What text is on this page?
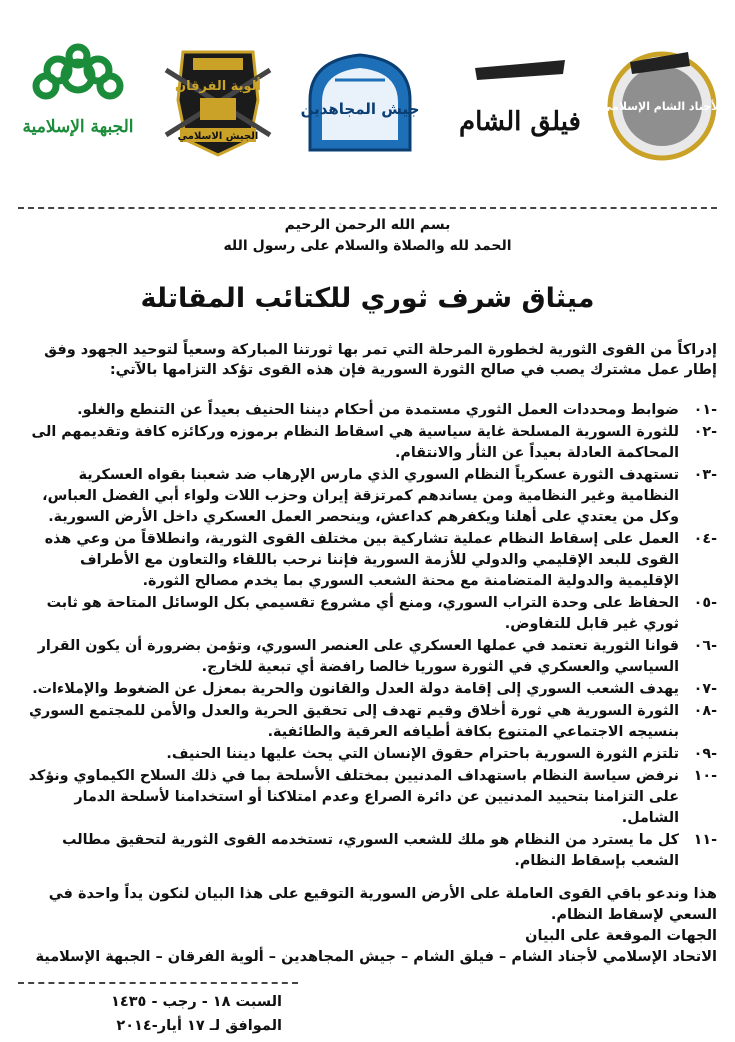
الجبهة الإسلامية
ألوية الفرقان
الجيش الاسلامي
جيش المجاهدين فيلق الشام
الأجناد الشام الإسلامي
بسم الله الرحمن الرحيم
الحمد لله والصلاة والسلام على رسول الله
ميثاق شرف ثوري للكتائب المقاتلة
إدراكاً من القوى الثورية لخطورة المرحلة التي تمر بها ثورتنا المباركة وسعياً لتوحيد الجهود وفق إطار عمل مشترك يصب في صالح الثورة السورية فإن هذه القوى تؤكد التزامها بالآتي:
٠١-
ضوابط ومحددات العمل الثوري مستمدة من أحكام ديننا الحنيف بعيداً عن التنطع والغلو.
٠٢-
للثورة السورية المسلحة غاية سياسية هي اسقاط النظام برموزه وركائزه كافة وتقديمهم الى المحاكمة العادلة بعيداً عن الثأر والانتقام.
٠٣-
تستهدف الثورة عسكرياً النظام السوري الذي مارس الإرهاب ضد شعبنا بقواه العسكرية النظامية وغير النظامية ومن يساندهم كمرتزقة إيران وحزب اللات ولواء أبي الفضل العباس، وكل من يعتدي على أهلنا ويكفرهم كداعش، وينحصر العمل العسكري داخل الأرض السورية.
٠٤-
العمل على إسقاط النظام عملية تشاركية بين مختلف القوى الثورية، وانطلاقاً من وعي هذه القوى للبعد الإقليمي والدولي للأزمة السورية فإننا نرحب باللقاء والتعاون مع الأطراف الإقليمية والدولية المتضامنة مع محنة الشعب السوري بما يخدم مصالح الثورة.
٠٥-
الحفاظ على وحدة التراب السوري، ومنع أي مشروع تقسيمي بكل الوسائل المتاحة هو ثابت ثوري غير قابل للتفاوض.
٠٦-
قوانا الثورية تعتمد في عملها العسكري على العنصر السوري، وتؤمن بضرورة أن يكون القرار السياسي والعسكري في الثورة سوريا خالصا رافضة أي تبعية للخارج.
٠٧-
يهدف الشعب السوري إلى إقامة دولة العدل والقانون والحرية بمعزل عن الضغوط والإملاءات.
٠٨-
الثورة السورية هي ثورة أخلاق وقيم تهدف إلى تحقيق الحرية والعدل والأمن للمجتمع السوري بنسيجه الاجتماعي المتنوع بكافة أطيافه العرقية والطائفية.
٠٩-
تلتزم الثورة السورية باحترام حقوق الإنسان التي يحث عليها ديننا الحنيف.
١٠-
نرفض سياسة النظام باستهداف المدنيين بمختلف الأسلحة بما في ذلك السلاح الكيماوي ونؤكد على التزامنا بتحييد المدنيين عن دائرة الصراع وعدم امتلاكنا أو استخدامنا لأسلحة الدمار الشامل.
١١-
كل ما يسترد من النظام هو ملك للشعب السوري، تستخدمه القوى الثورية لتحقيق مطالب الشعب بإسقاط النظام.
هذا وندعو باقي القوى العاملة على الأرض السورية التوقيع على هذا البيان لنكون يداً واحدة في السعي لإسقاط النظام.
الجهات الموقعة على البيان
الاتحاد الإسلامي لأجناد الشام – فيلق الشام – جيش المجاهدين – ألوية الفرقان – الجبهة الإسلامية
السبت ١٨ - رجب - ١٤٣٥
الموافق لـ ١٧ أيار-٢٠١٤
